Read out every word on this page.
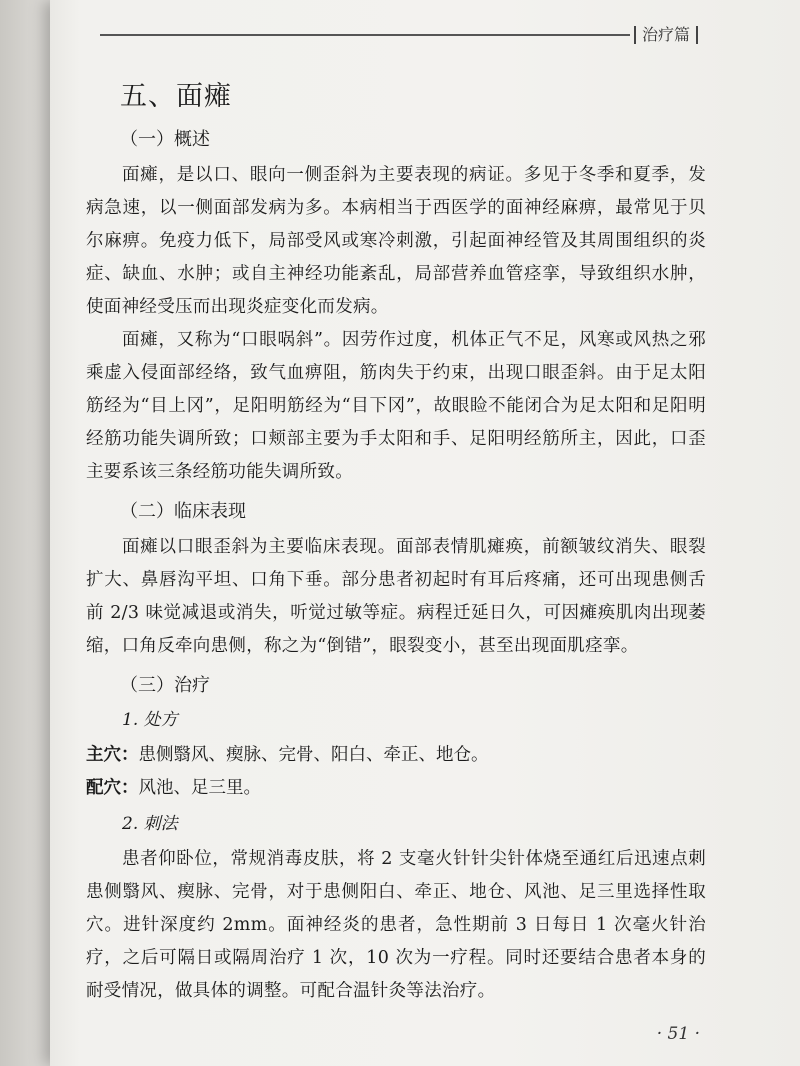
治疗篇
五、面瘫
（一）概述

面瘫，是以口、眼向一侧歪斜为主要表现的病证。多见于冬季和夏季，发病急速，以一侧面部发病为多。本病相当于西医学的面神经麻痹，最常见于贝尔麻痹。免疫力低下，局部受风或寒冷刺激，引起面神经管及其周围组织的炎症、缺血、水肿；或自主神经功能紊乱，局部营养血管痉挛，导致组织水肿，使面神经受压而出现炎症变化而发病。

面瘫，又称为“口眼㖞斜”。因劳作过度，机体正气不足，风寒或风热之邪乘虚入侵面部经络，致气血痹阻，筋肉失于约束，出现口眼歪斜。由于足太阳筋经为“目上冈”，足阳明筋经为“目下冈”，故眼睑不能闭合为足太阳和足阳明经筋功能失调所致；口颊部主要为手太阳和手、足阳明经筋所主，因此，口歪主要系该三条经筋功能失调所致。

（二）临床表现

面瘫以口眼歪斜为主要临床表现。面部表情肌瘫痪，前额皱纹消失、眼裂扩大、鼻唇沟平坦、口角下垂。部分患者初起时有耳后疼痛，还可出现患侧舌前 2/3 味觉减退或消失，听觉过敏等症。病程迁延日久，可因瘫痪肌肉出现萎缩，口角反牵向患侧，称之为“倒错”，眼裂变小，甚至出现面肌痉挛。

（三）治疗
1. 处方
主穴：患侧翳风、瘈脉、完骨、阳白、牵正、地仓。
配穴：风池、足三里。
2. 刺法

患者仰卧位，常规消毒皮肤，将 2 支毫火针针尖针体烧至通红后迅速点刺患侧翳风、瘈脉、完骨，对于患侧阳白、牵正、地仓、风池、足三里选择性取穴。进针深度约 2mm。面神经炎的患者，急性期前 3 日每日 1 次毫火针治疗，之后可隔日或隔周治疗 1 次，10 次为一疗程。同时还要结合患者本身的耐受情况，做具体的调整。可配合温针灸等法治疗。

· 51 ·
